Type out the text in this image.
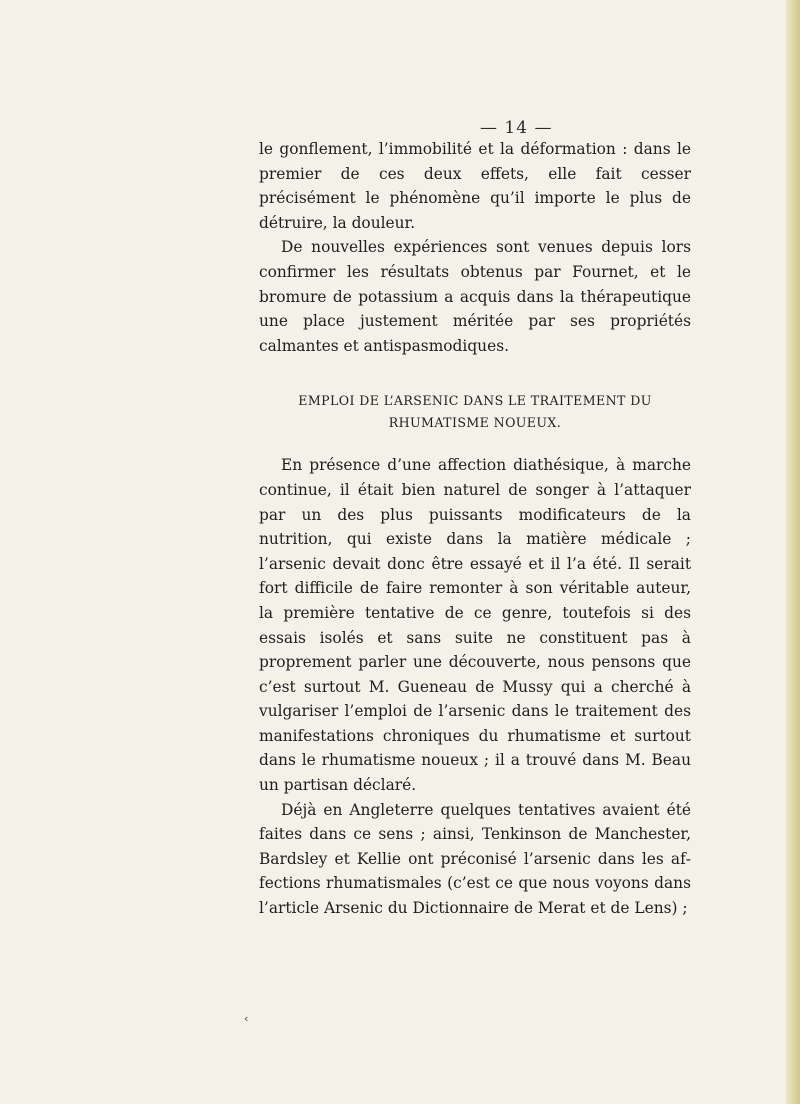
— 14 —

le gonflement, l’immobilité et la déformation : dans le premier de ces deux effets, elle fait cesser précisément le phénomène qu’il importe le plus de détruire, la douleur.

De nouvelles expériences sont venues depuis lors confirmer les résultats obtenus par Fournet, et le bromure de potassium a acquis dans la thérapeutique une place justement méritée par ses propriétés calmantes et antispasmodiques.

EMPLOI DE L’ARSENIC DANS LE TRAITEMENT DU
RHUMATISME NOUEUX.

En présence d’une affection diathésique, à marche continue, il était bien naturel de songer à l’attaquer par un des plus puissants modificateurs de la nutrition, qui existe dans la matière médicale ; l’arsenic devait donc être essayé et il l’a été. Il serait fort difficile de faire remonter à son véritable auteur, la première tentative de ce genre, toutefois si des essais isolés et sans suite ne constituent pas à proprement parler une découverte, nous pensons que c’est surtout M. Gueneau de Mussy qui a cherché à vulgariser l’emploi de l’arsenic dans le traitement des manifestations chroniques du rhumatisme et surtout dans le rhumatisme noueux ; il a trouvé dans M. Beau un partisan déclaré.

Déjà en Angleterre quelques tentatives avaient été faites dans ce sens ; ainsi, Tenkinson de Manchester, Bardsley et Kellie ont préconisé l’arsenic dans les affections rhumatismales (c’est ce que nous voyons dans l’article Arsenic du Dictionnaire de Merat et de Lens) ;

‹
